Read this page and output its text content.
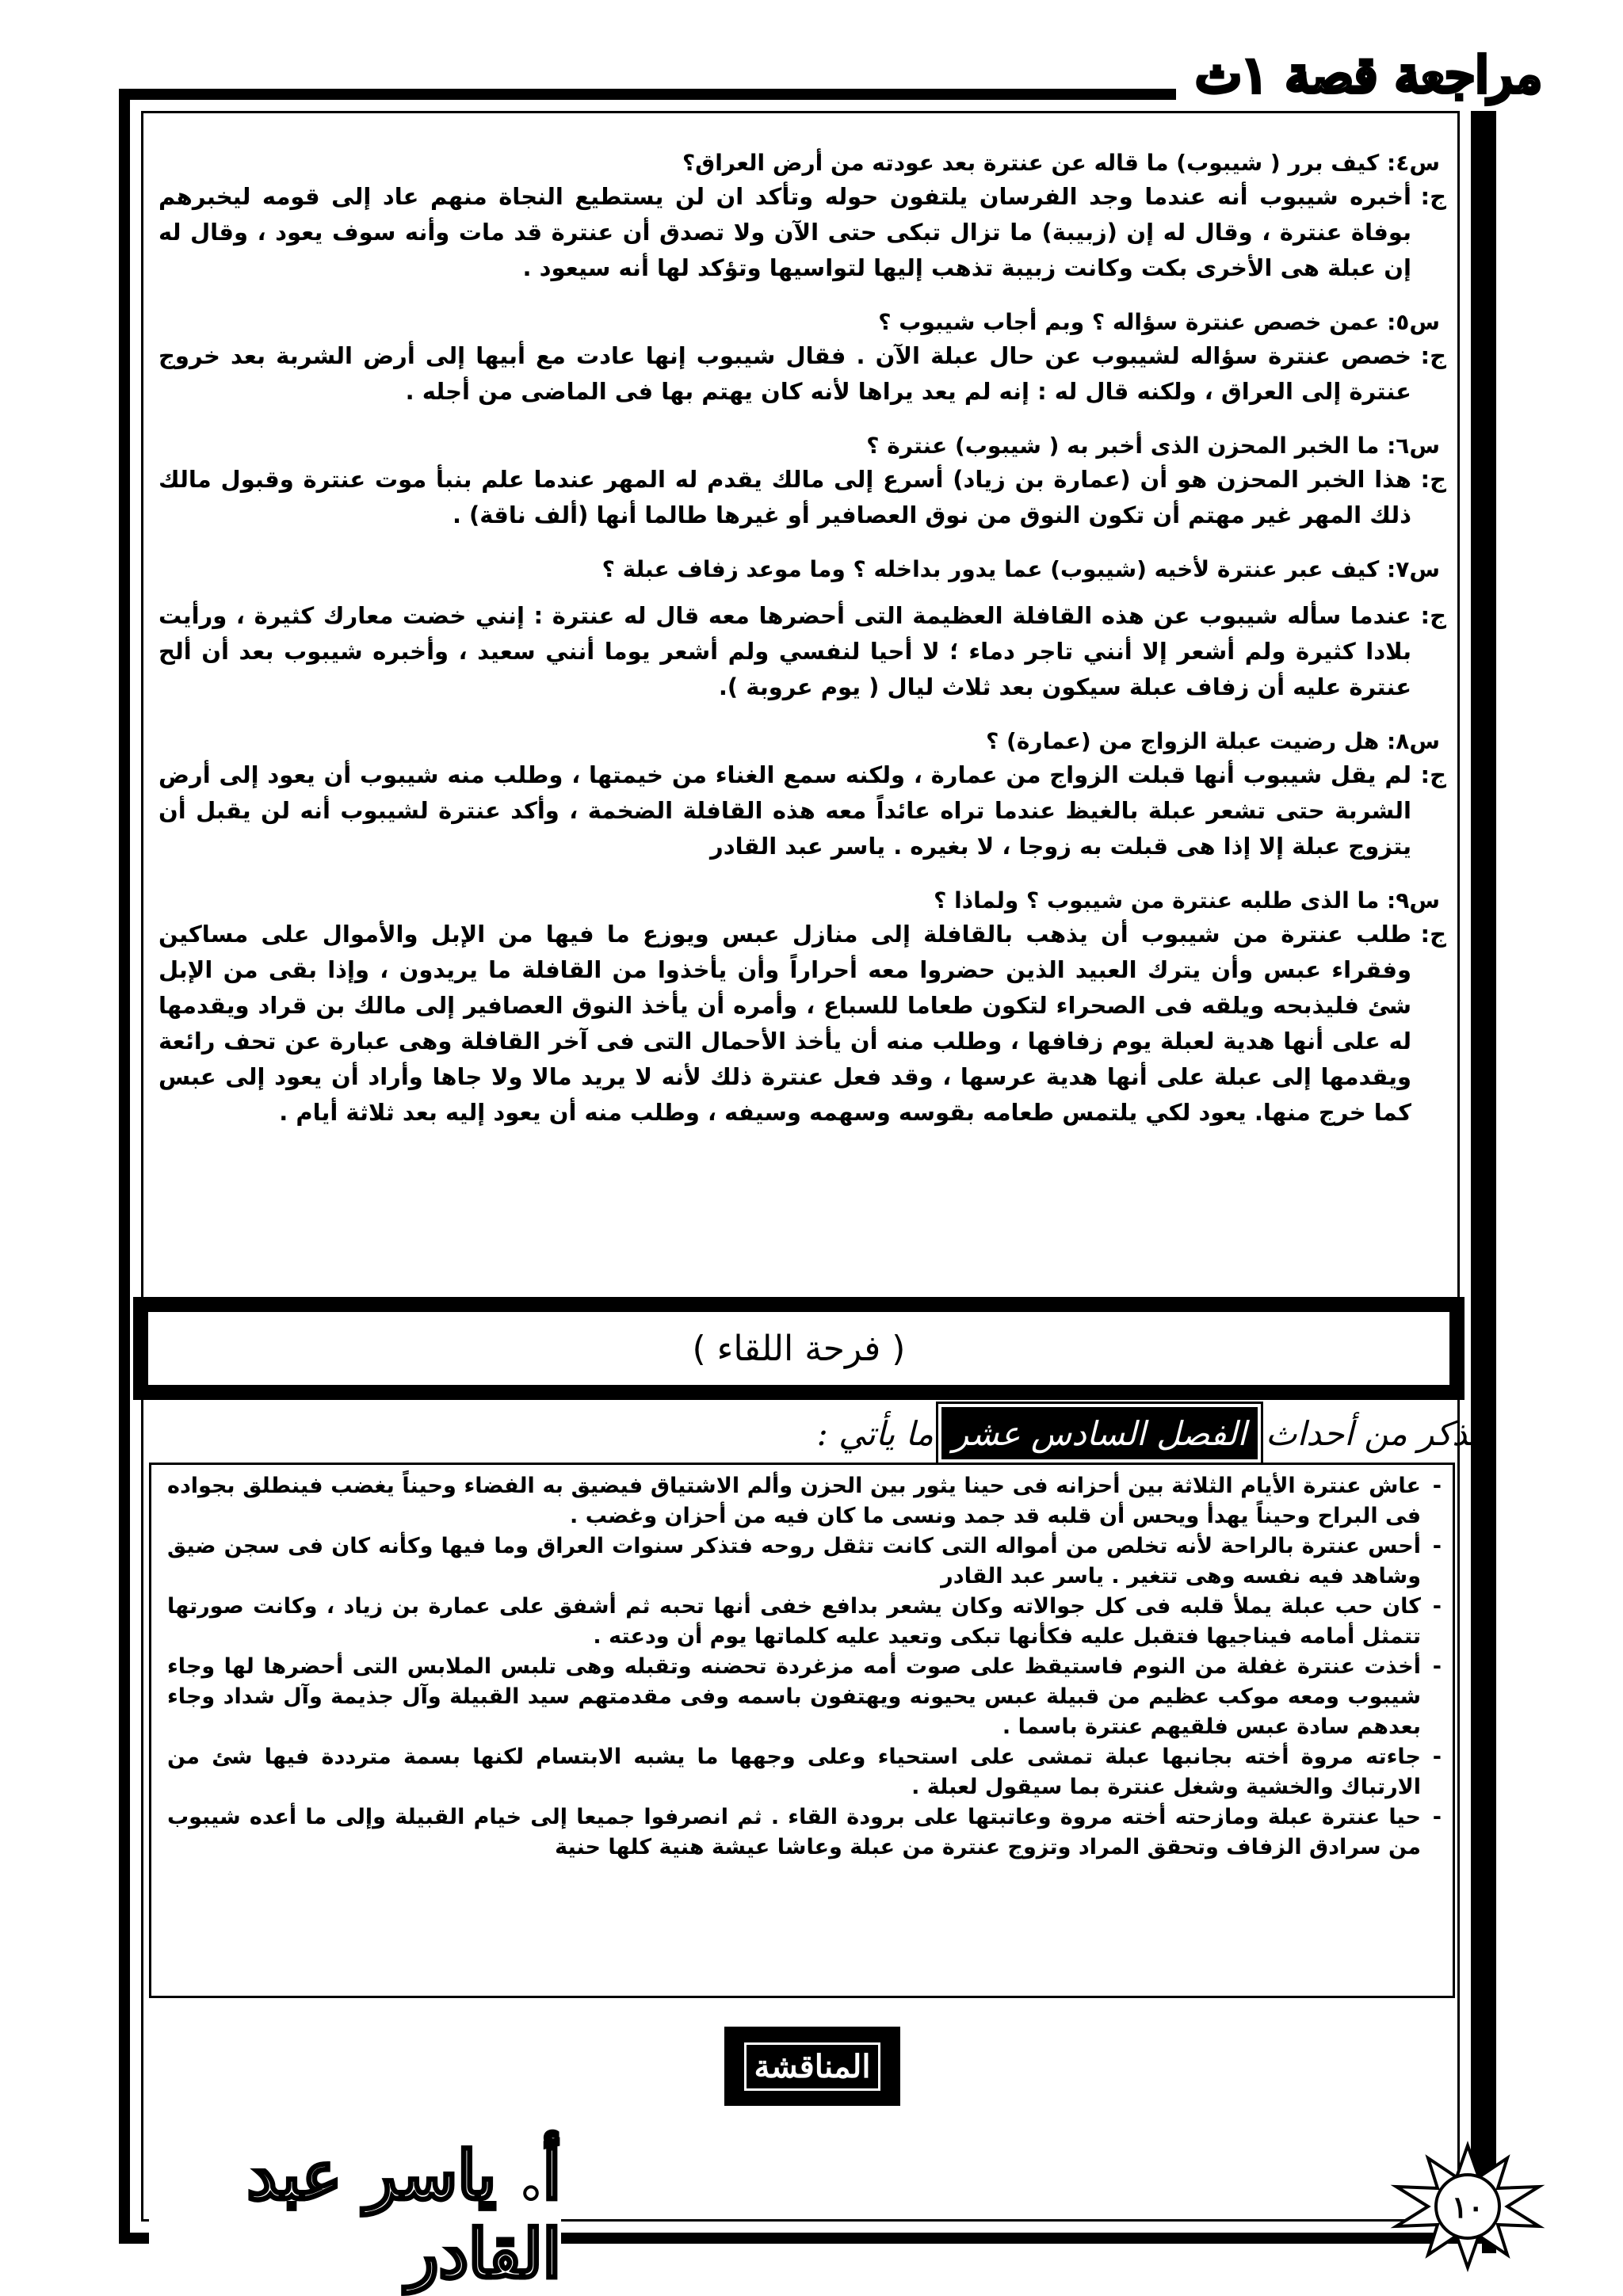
مراجعة قصة ١ث
س٤: كيف برر ( شيبوب) ما قاله عن عنترة بعد عودته من أرض العراق؟
ج:
أخبره شيبوب أنه عندما وجد الفرسان يلتفون حوله وتأكد ان لن يستطيع النجاة منهم عاد إلى قومه ليخبرهم بوفاة عنترة ، وقال له إن (زبيبة) ما تزال تبكى حتى الآن ولا تصدق أن عنترة قد مات وأنه سوف يعود ، وقال له إن عبلة هى الأخرى بكت وكانت زبيبة تذهب إليها لتواسيها وتؤكد لها أنه سيعود .
س٥: عمن خصص عنترة سؤاله ؟ وبم أجاب شيبوب ؟
ج:
خصص عنترة سؤاله لشيبوب عن حال عبلة الآن . فقال شيبوب إنها عادت مع أبيها إلى أرض الشربة بعد خروج عنترة إلى العراق ، ولكنه قال له : إنه لم يعد يراها لأنه كان يهتم بها فى الماضى من أجله .
س٦: ما الخبر المحزن الذى أخبر به ( شيبوب) عنترة ؟
ج:
هذا الخبر المحزن هو أن (عمارة بن زياد) أسرع إلى مالك يقدم له المهر عندما علم بنبأ موت عنترة وقبول مالك ذلك المهر غير مهتم أن تكون النوق من نوق العصافير أو غيرها طالما أنها (ألف ناقة) .
س٧: كيف عبر عنترة لأخيه (شيبوب) عما يدور بداخله ؟ وما موعد زفاف عبلة ؟
ج:
عندما سأله شيبوب عن هذه القافلة العظيمة التى أحضرها معه قال له عنترة : إنني خضت معارك كثيرة ، ورأيت بلادا كثيرة ولم أشعر إلا أنني تاجر دماء ؛ لا أحيا لنفسي ولم أشعر يوما أنني سعيد ، وأخبره شيبوب بعد أن ألح عنترة عليه أن زفاف عبلة سيكون بعد ثلاث ليال ( يوم عروبة ).
س٨: هل رضيت عبلة الزواج من (عمارة) ؟
ج:
لم يقل شيبوب أنها قبلت الزواج من عمارة ، ولكنه سمع الغناء من خيمتها ، وطلب منه شيبوب أن يعود إلى أرض الشربة حتى تشعر عبلة بالغيظ عندما تراه عائداً معه هذه القافلة الضخمة ، وأكد عنترة لشيبوب أنه لن يقبل أن يتزوج عبلة إلا إذا هى قبلت به زوجا ، لا بغيره . ياسر عبد القادر
س٩: ما الذى طلبه عنترة من شيبوب ؟ ولماذا ؟
ج:
طلب عنترة من شيبوب أن يذهب بالقافلة إلى منازل عبس ويوزع ما فيها من الإبل والأموال على مساكين وفقراء عبس وأن يترك العبيد الذين حضروا معه أحراراً وأن يأخذوا من القافلة ما يريدون ، وإذا بقى من الإبل شئ فليذبحه ويلقه فى الصحراء لتكون طعاما للسباع ، وأمره أن يأخذ النوق العصافير إلى مالك بن قراد ويقدمها له على أنها هدية لعبلة يوم زفافها ، وطلب منه أن يأخذ الأحمال التى فى آخر القافلة وهى عبارة عن تحف رائعة ويقدمها إلى عبلة على أنها هدية عرسها ، وقد فعل عنترة ذلك لأنه لا يريد مالا ولا جاها وأراد أن يعود إلى عبس كما خرج منها. يعود لكي يلتمس طعامه بقوسه وسهمه وسيفه ، وطلب منه أن يعود إليه بعد ثلاثة أيام .
( فرحة اللقاء )
تذكر من أحداث
الفصل السادس عشر
ما يأتي :
-
عاش عنترة الأيام الثلاثة بين أحزانه فى حينا يثور بين الحزن وألم الاشتياق فيضيق به الفضاء وحيناً يغضب فينطلق بجواده فى البراح وحيناً يهدأ ويحس أن قلبه قد جمد ونسى ما كان فيه من أحزان وغضب .
-
أحس عنترة بالراحة لأنه تخلص من أمواله التى كانت تثقل روحه فتذكر سنوات العراق وما فيها وكأنه كان فى سجن ضيق وشاهد فيه نفسه وهى تتغير . ياسر عبد القادر
-
كان حب عبلة يملأ قلبه فى كل جوالاته وكان يشعر بدافع خفى أنها تحبه ثم أشفق على عمارة بن زياد ، وكانت صورتها تتمثل أمامه فيناجيها فتقبل عليه فكأنها تبكى وتعيد عليه كلماتها يوم أن ودعته .
-
أخذت عنترة غفلة من النوم فاستيقظ على صوت أمه مزغردة تحضنه وتقبله وهى تلبس الملابس التى أحضرها لها وجاء شيبوب ومعه موكب عظيم من قبيلة عبس يحيونه ويهتفون باسمه وفى مقدمتهم سيد القبيلة وآل جذيمة وآل شداد وجاء بعدهم سادة عبس فلقيهم عنترة باسما .
-
جاءته مروة أخته بجانبها عبلة تمشى على استحياء وعلى وجهها ما يشبه الابتسام لكنها بسمة مترددة فيها شئ من الارتباك والخشية وشغل عنترة بما سيقول لعبلة .
-
حيا عنترة عبلة ومازحته أخته مروة وعاتبتها على برودة القاء . ثم انصرفوا جميعا إلى خيام القبيلة وإلى ما أعده شيبوب من سرادق الزفاف وتحقق المراد وتزوج عنترة من عبلة وعاشا عيشة هنية كلها حنية
المناقشة
أ. ياسر عبد القادر
١٠
